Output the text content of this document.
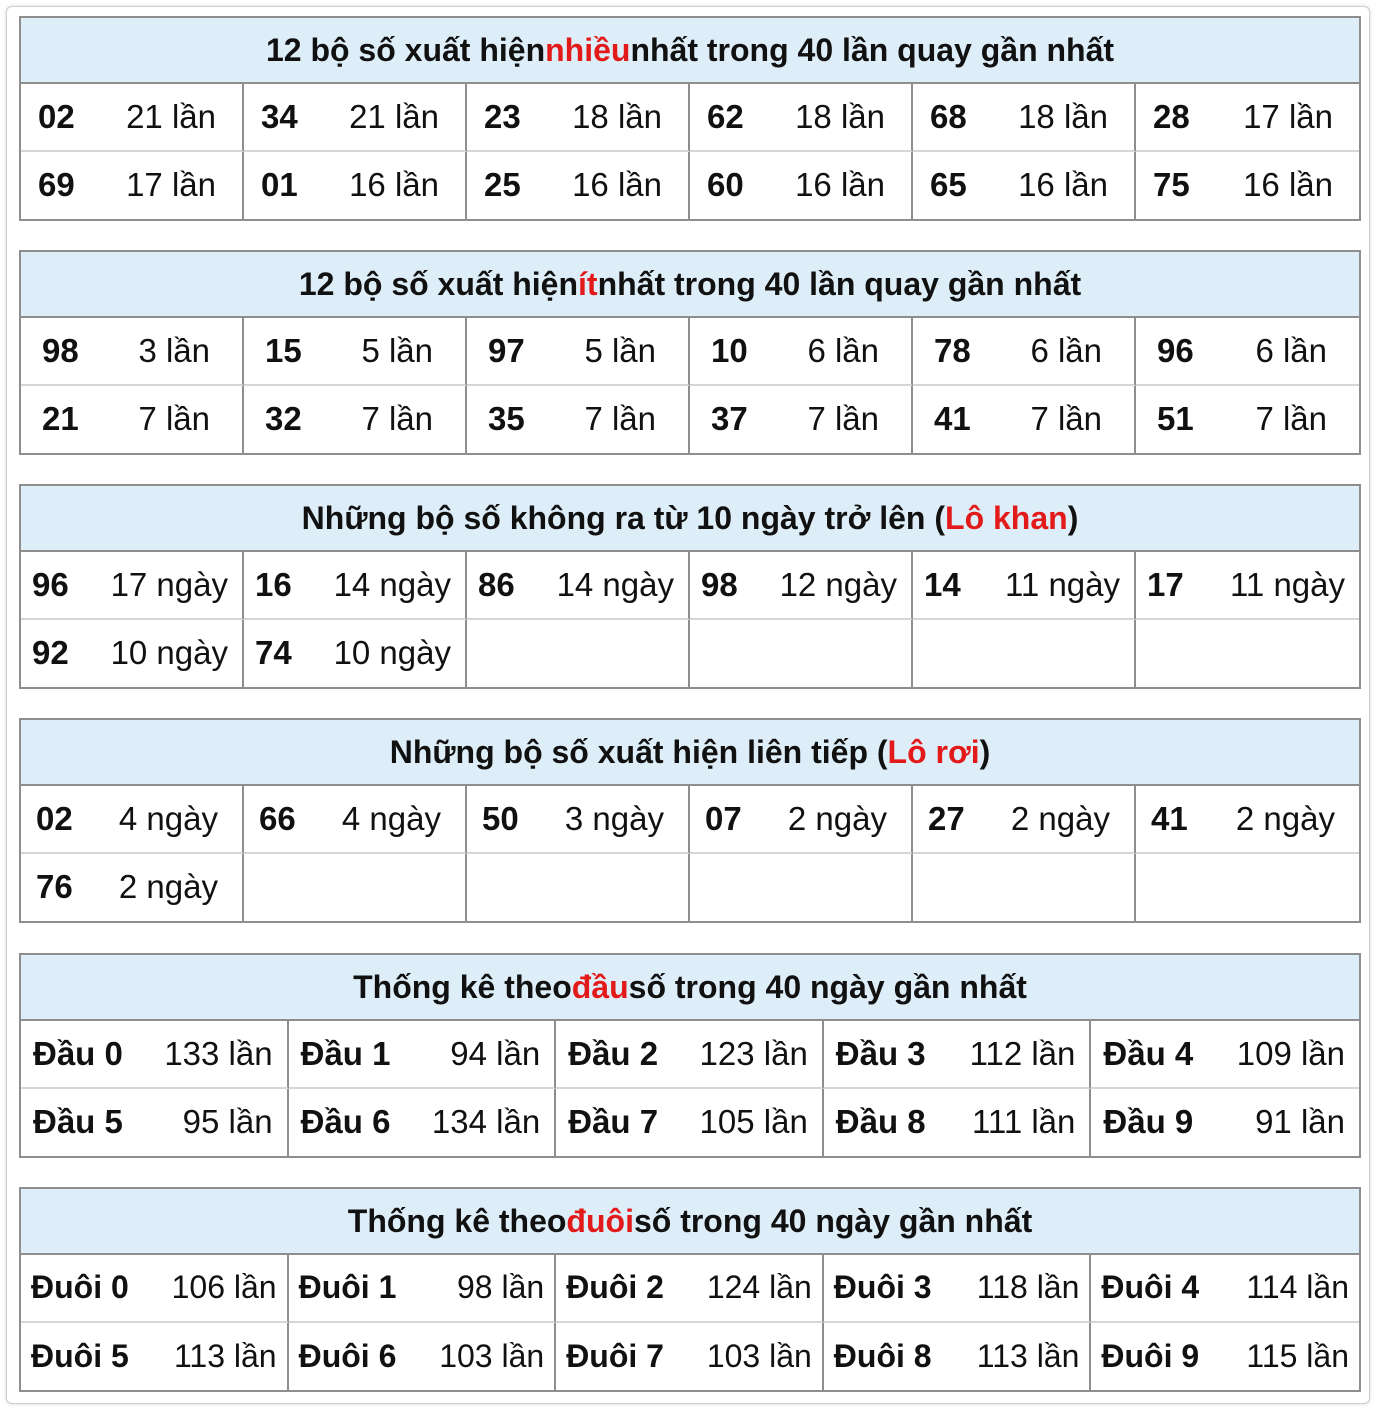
12 bộ số xuất hiện nhiều nhất trong 40 lần quay gần nhất
02 21 lần 34 21 lần 23 18 lần 62 18 lần 68 18 lần 28 17 lần
69 17 lần 01 16 lần 25 16 lần 60 16 lần 65 16 lần 75 16 lần
12 bộ số xuất hiện ít nhất trong 40 lần quay gần nhất
98 3 lần 15 5 lần 97 5 lần 10 6 lần 78 6 lần 96 6 lần
21 7 lần 32 7 lần 35 7 lần 37 7 lần 41 7 lần 51 7 lần
Những bộ số không ra từ 10 ngày trở lên ( Lô khan )
96 17 ngày 16 14 ngày 86 14 ngày 98 12 ngày 14 11 ngày 17 11 ngày
92 10 ngày 74 10 ngày
Những bộ số xuất hiện liên tiếp ( Lô rơi )
02 4 ngày 66 4 ngày 50 3 ngày 07 2 ngày 27 2 ngày 41 2 ngày
76 2 ngày
Thống kê theo đầu số trong 40 ngày gần nhất
Đầu 0 133 lần Đầu 1 94 lần Đầu 2 123 lần Đầu 3 112 lần Đầu 4 109 lần
Đầu 5 95 lần Đầu 6 134 lần Đầu 7 105 lần Đầu 8 111 lần Đầu 9 91 lần
Thống kê theo đuôi số trong 40 ngày gần nhất
Đuôi 0 106 lần Đuôi 1 98 lần Đuôi 2 124 lần Đuôi 3 118 lần Đuôi 4 114 lần
Đuôi 5 113 lần Đuôi 6 103 lần Đuôi 7 103 lần Đuôi 8 113 lần Đuôi 9 115 lần
